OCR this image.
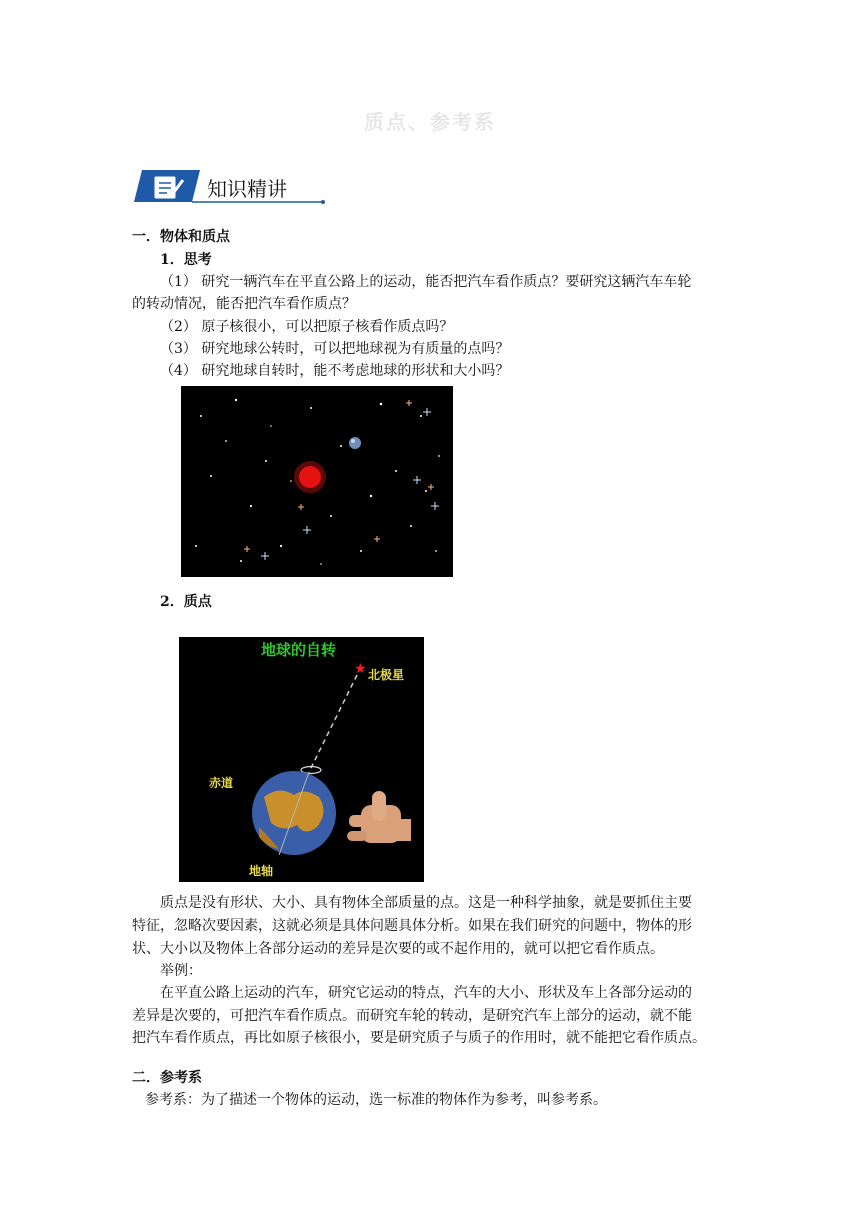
质点、参考系
知识精讲
一．物体和质点
1．思考
（1） 研究一辆汽车在平直公路上的运动，能否把汽车看作质点？要研究这辆汽车车轮
的转动情况，能否把汽车看作质点？
（2） 原子核很小，可以把原子核看作质点吗？
（3） 研究地球公转时，可以把地球视为有质量的点吗？
（4） 研究地球自转时，能不考虑地球的形状和大小吗？
2．质点
地球的自转
★ 北极星
赤道
地轴
质点是没有形状、大小、具有物体全部质量的点。这是一种科学抽象，就是要抓住主要
特征，忽略次要因素，这就必须是具体问题具体分析。如果在我们研究的问题中，物体的形
状、大小以及物体上各部分运动的差异是次要的或不起作用的，就可以把它看作质点。
举例：
在平直公路上运动的汽车，研究它运动的特点，汽车的大小、形状及车上各部分运动的
差异是次要的，可把汽车看作质点。而研究车轮的转动，是研究汽车上部分的运动，就不能
把汽车看作质点，再比如原子核很小，要是研究质子与质子的作用时，就不能把它看作质点。
二．参考系
参考系：为了描述一个物体的运动，选一标准的物体作为参考，叫参考系。
